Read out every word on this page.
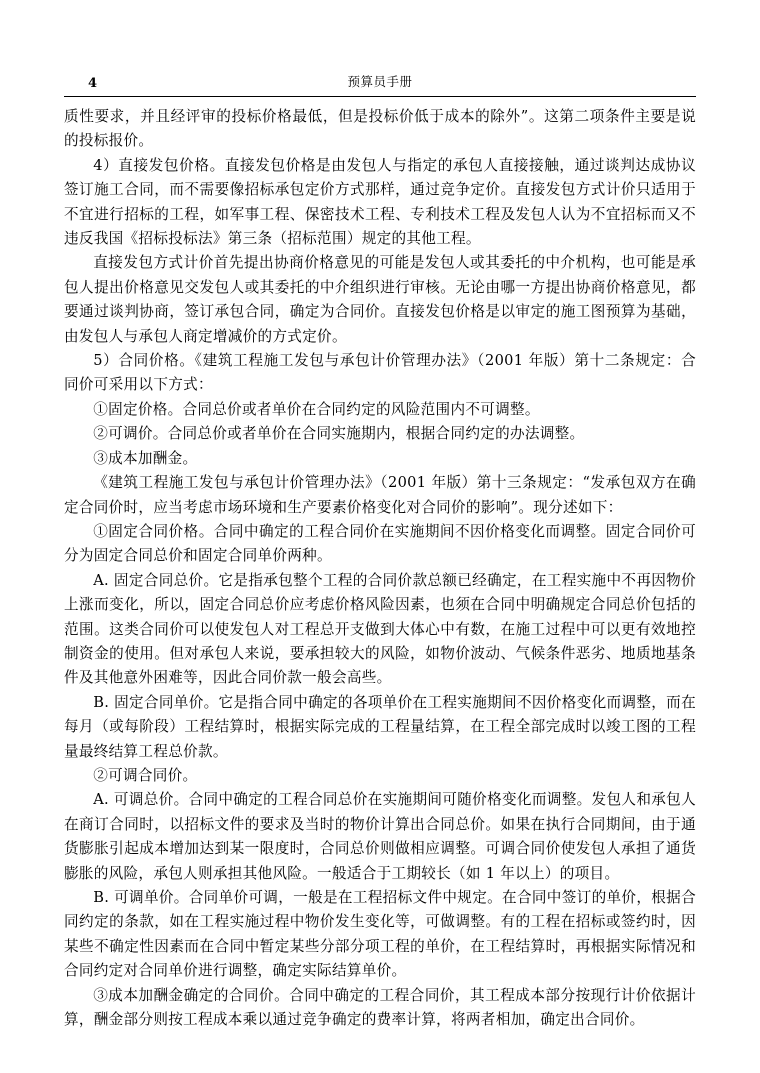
4	预算员手册

质性要求，并且经评审的投标价格最低，但是投标价低于成本的除外”。这第二项条件主要是说的投标报价。

4）直接发包价格。直接发包价格是由发包人与指定的承包人直接接触，通过谈判达成协议签订施工合同，而不需要像招标承包定价方式那样，通过竞争定价。直接发包方式计价只适用于不宜进行招标的工程，如军事工程、保密技术工程、专利技术工程及发包人认为不宜招标而又不违反我国《招标投标法》第三条（招标范围）规定的其他工程。

直接发包方式计价首先提出协商价格意见的可能是发包人或其委托的中介机构，也可能是承包人提出价格意见交发包人或其委托的中介组织进行审核。无论由哪一方提出协商价格意见，都要通过谈判协商，签订承包合同，确定为合同价。直接发包价格是以审定的施工图预算为基础，由发包人与承包人商定增减价的方式定价。

5）合同价格。《建筑工程施工发包与承包计价管理办法》（2001 年版）第十二条规定：合同价可采用以下方式：

①固定价格。合同总价或者单价在合同约定的风险范围内不可调整。

②可调价。合同总价或者单价在合同实施期内，根据合同约定的办法调整。

③成本加酬金。

《建筑工程施工发包与承包计价管理办法》（2001 年版）第十三条规定：“发承包双方在确定合同价时，应当考虑市场环境和生产要素价格变化对合同价的影响”。现分述如下：

①固定合同价格。合同中确定的工程合同价在实施期间不因价格变化而调整。固定合同价可分为固定合同总价和固定合同单价两种。

A. 固定合同总价。它是指承包整个工程的合同价款总额已经确定，在工程实施中不再因物价上涨而变化，所以，固定合同总价应考虑价格风险因素，也须在合同中明确规定合同总价包括的范围。这类合同价可以使发包人对工程总开支做到大体心中有数，在施工过程中可以更有效地控制资金的使用。但对承包人来说，要承担较大的风险，如物价波动、气候条件恶劣、地质地基条件及其他意外困难等，因此合同价款一般会高些。

B. 固定合同单价。它是指合同中确定的各项单价在工程实施期间不因价格变化而调整，而在每月（或每阶段）工程结算时，根据实际完成的工程量结算，在工程全部完成时以竣工图的工程量最终结算工程总价款。

②可调合同价。

A. 可调总价。合同中确定的工程合同总价在实施期间可随价格变化而调整。发包人和承包人在商订合同时，以招标文件的要求及当时的物价计算出合同总价。如果在执行合同期间，由于通货膨胀引起成本增加达到某一限度时，合同总价则做相应调整。可调合同价使发包人承担了通货膨胀的风险，承包人则承担其他风险。一般适合于工期较长（如 1 年以上）的项目。

B. 可调单价。合同单价可调，一般是在工程招标文件中规定。在合同中签订的单价，根据合同约定的条款，如在工程实施过程中物价发生变化等，可做调整。有的工程在招标或签约时，因某些不确定性因素而在合同中暂定某些分部分项工程的单价，在工程结算时，再根据实际情况和合同约定对合同单价进行调整，确定实际结算单价。

③成本加酬金确定的合同价。合同中确定的工程合同价，其工程成本部分按现行计价依据计算，酬金部分则按工程成本乘以通过竞争确定的费率计算，将两者相加，确定出合同价。
